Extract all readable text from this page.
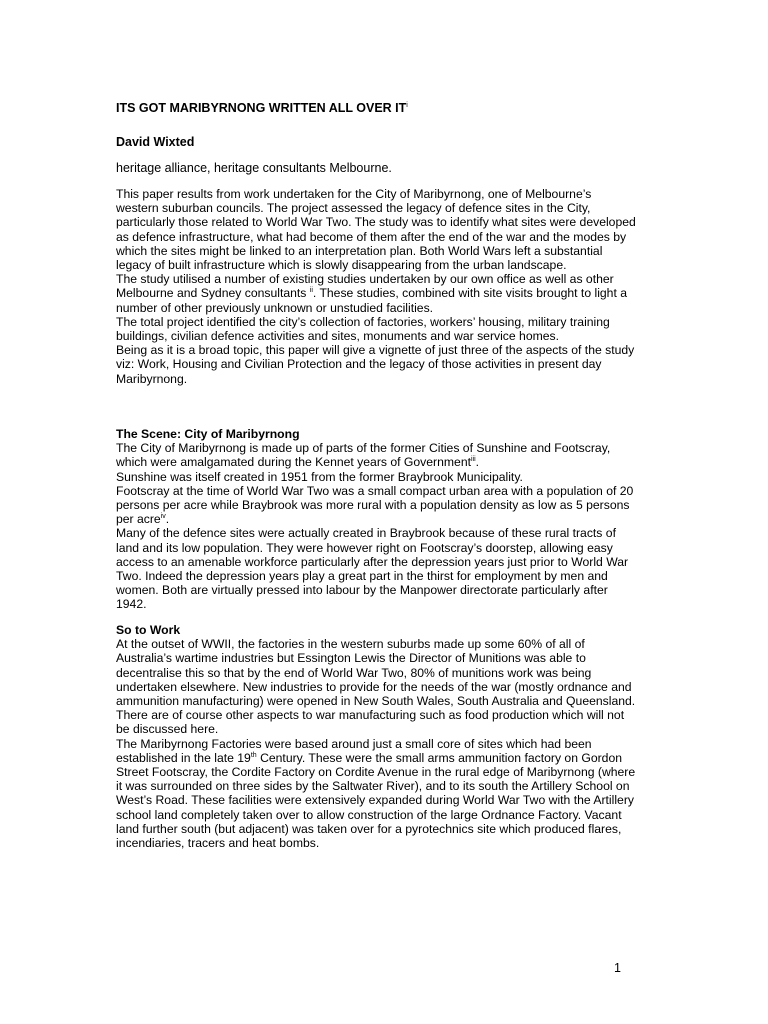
ITS GOT MARIBYRNONG WRITTEN ALL OVER $IT^i$
David Wixted
heritage alliance, heritage consultants Melbourne.

This paper results from work undertaken for the City of Maribyrnong, one of Melbourne’s western suburban councils. The project assessed the legacy of defence sites in the City, particularly those related to World War Two. The study was to identify what sites were developed as defence infrastructure, what had become of them after the end of the war and the modes by which the sites might be linked to an interpretation plan. Both World Wars left a substantial legacy of built infrastructure which is slowly disappearing from the urban landscape.

The study utilised a number of existing studies undertaken by our own office as well as other Melbourne and Sydney consultants $^{ii}$. These studies, combined with site visits brought to light a number of other previously unknown or unstudied facilities.

The total project identified the city’s collection of factories, workers’ housing, military training buildings, civilian defence activities and sites, monuments and war service homes.

Being as it is a broad topic, this paper will give a vignette of just three of the aspects of the study viz: Work, Housing and Civilian Protection and the legacy of those activities in present day Maribyrnong.

The Scene: City of Maribyrnong

The City of Maribyrnong is made up of parts of the former Cities of Sunshine and Footscray, which were amalgamated during the Kennet years of Government$^{iii}$.

Sunshine was itself created in 1951 from the former Braybrook Municipality.

Footscray at the time of World War Two was a small compact urban area with a population of 20 persons per acre while Braybrook was more rural with a population density as low as 5 persons per acre$^{iv}$.

Many of the defence sites were actually created in Braybrook because of these rural tracts of land and its low population. They were however right on Footscray’s doorstep, allowing easy access to an amenable workforce particularly after the depression years just prior to World War Two. Indeed the depression years play a great part in the thirst for employment by men and women. Both are virtually pressed into labour by the Manpower directorate particularly after 1942.

So to Work

At the outset of WWII, the factories in the western suburbs made up some 60% of all of Australia’s wartime industries but Essington Lewis the Director of Munitions was able to decentralise this so that by the end of World War Two, 80% of munitions work was being undertaken elsewhere. New industries to provide for the needs of the war (mostly ordnance and ammunition manufacturing) were opened in New South Wales, South Australia and Queensland. There are of course other aspects to war manufacturing such as food production which will not be discussed here.

The Maribyrnong Factories were based around just a small core of sites which had been established in the late 19th Century. These were the small arms ammunition factory on Gordon Street Footscray, the Cordite Factory on Cordite Avenue in the rural edge of Maribyrnong (where it was surrounded on three sides by the Saltwater River), and to its south the Artillery School on West’s Road. These facilities were extensively expanded during World War Two with the Artillery school land completely taken over to allow construction of the large Ordnance Factory. Vacant land further south (but adjacent) was taken over for a pyrotechnics site which produced flares, incendiaries, tracers and heat bombs.

1
